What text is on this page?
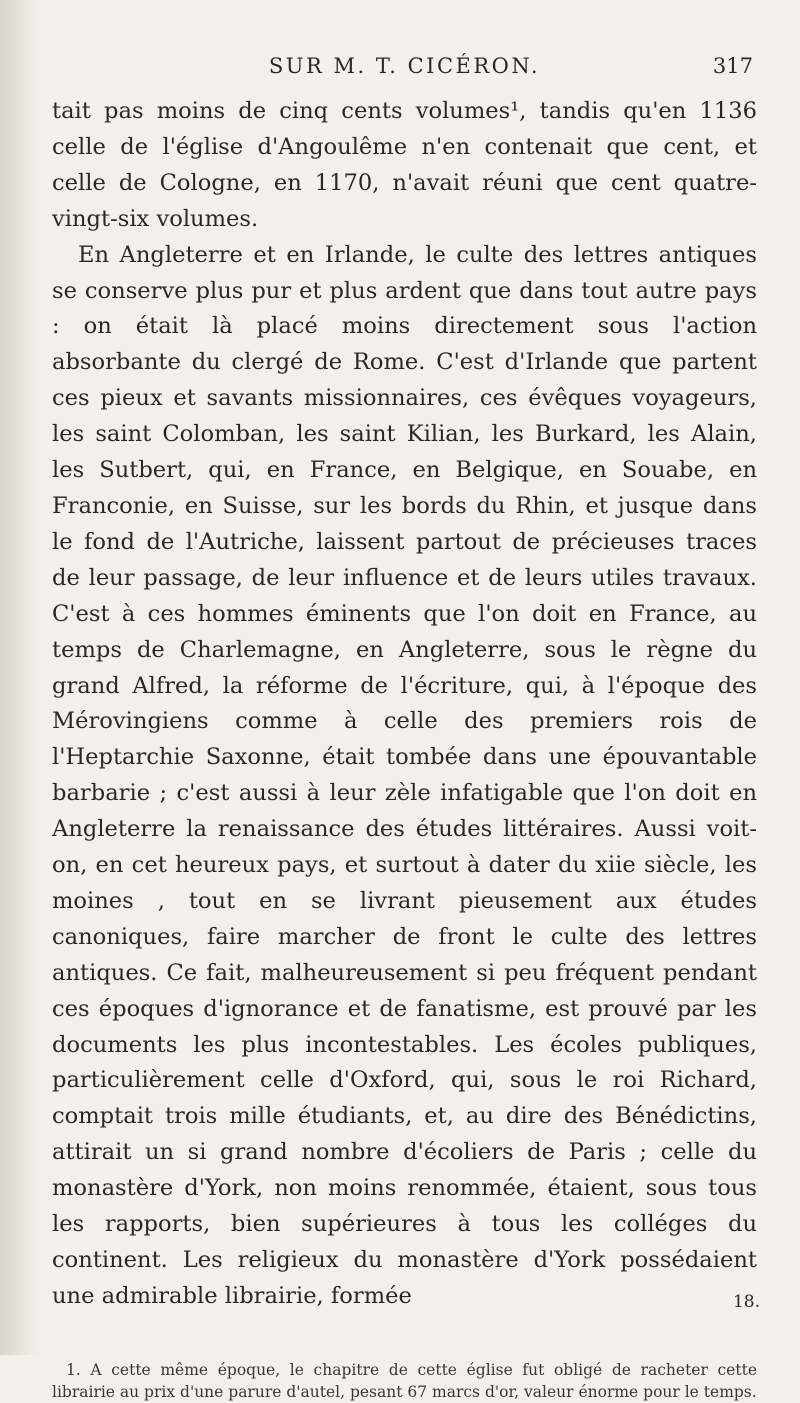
SUR M. T. CICÉRON.	317

tait pas moins de cinq cents volumes¹, tandis qu'en 1136 celle de l'église d'Angoulême n'en contenait que cent, et celle de Cologne, en 1170, n'avait réuni que cent quatre-vingt-six volumes.

En Angleterre et en Irlande, le culte des lettres antiques se conserve plus pur et plus ardent que dans tout autre pays : on était là placé moins directement sous l'action absorbante du clergé de Rome. C'est d'Irlande que partent ces pieux et savants missionnaires, ces évêques voyageurs, les saint Colomban, les saint Kilian, les Burkard, les Alain, les Sutbert, qui, en France, en Belgique, en Souabe, en Franconie, en Suisse, sur les bords du Rhin, et jusque dans le fond de l'Autriche, laissent partout de précieuses traces de leur passage, de leur influence et de leurs utiles travaux. C'est à ces hommes éminents que l'on doit en France, au temps de Charlemagne, en Angleterre, sous le règne du grand Alfred, la réforme de l'écriture, qui, à l'époque des Mérovingiens comme à celle des premiers rois de l'Heptarchie Saxonne, était tombée dans une épouvantable barbarie ; c'est aussi à leur zèle infatigable que l'on doit en Angleterre la renaissance des études littéraires. Aussi voit-on, en cet heureux pays, et surtout à dater du xiie siècle, les moines , tout en se livrant pieusement aux études canoniques, faire marcher de front le culte des lettres antiques. Ce fait, malheureusement si peu fréquent pendant ces époques d'ignorance et de fanatisme, est prouvé par les documents les plus incontestables. Les écoles publiques, particulièrement celle d'Oxford, qui, sous le roi Richard, comptait trois mille étudiants, et, au dire des Bénédictins, attirait un si grand nombre d'écoliers de Paris ; celle du monastère d'York, non moins renommée, étaient, sous tous les rapports, bien supérieures à tous les colléges du continent. Les religieux du monastère d'York possédaient une admirable librairie, formée

1. A cette même époque, le chapitre de cette église fut obligé de racheter cette librairie au prix d'une parure d'autel, pesant 67 marcs d'or, valeur énorme pour le temps.
18.
